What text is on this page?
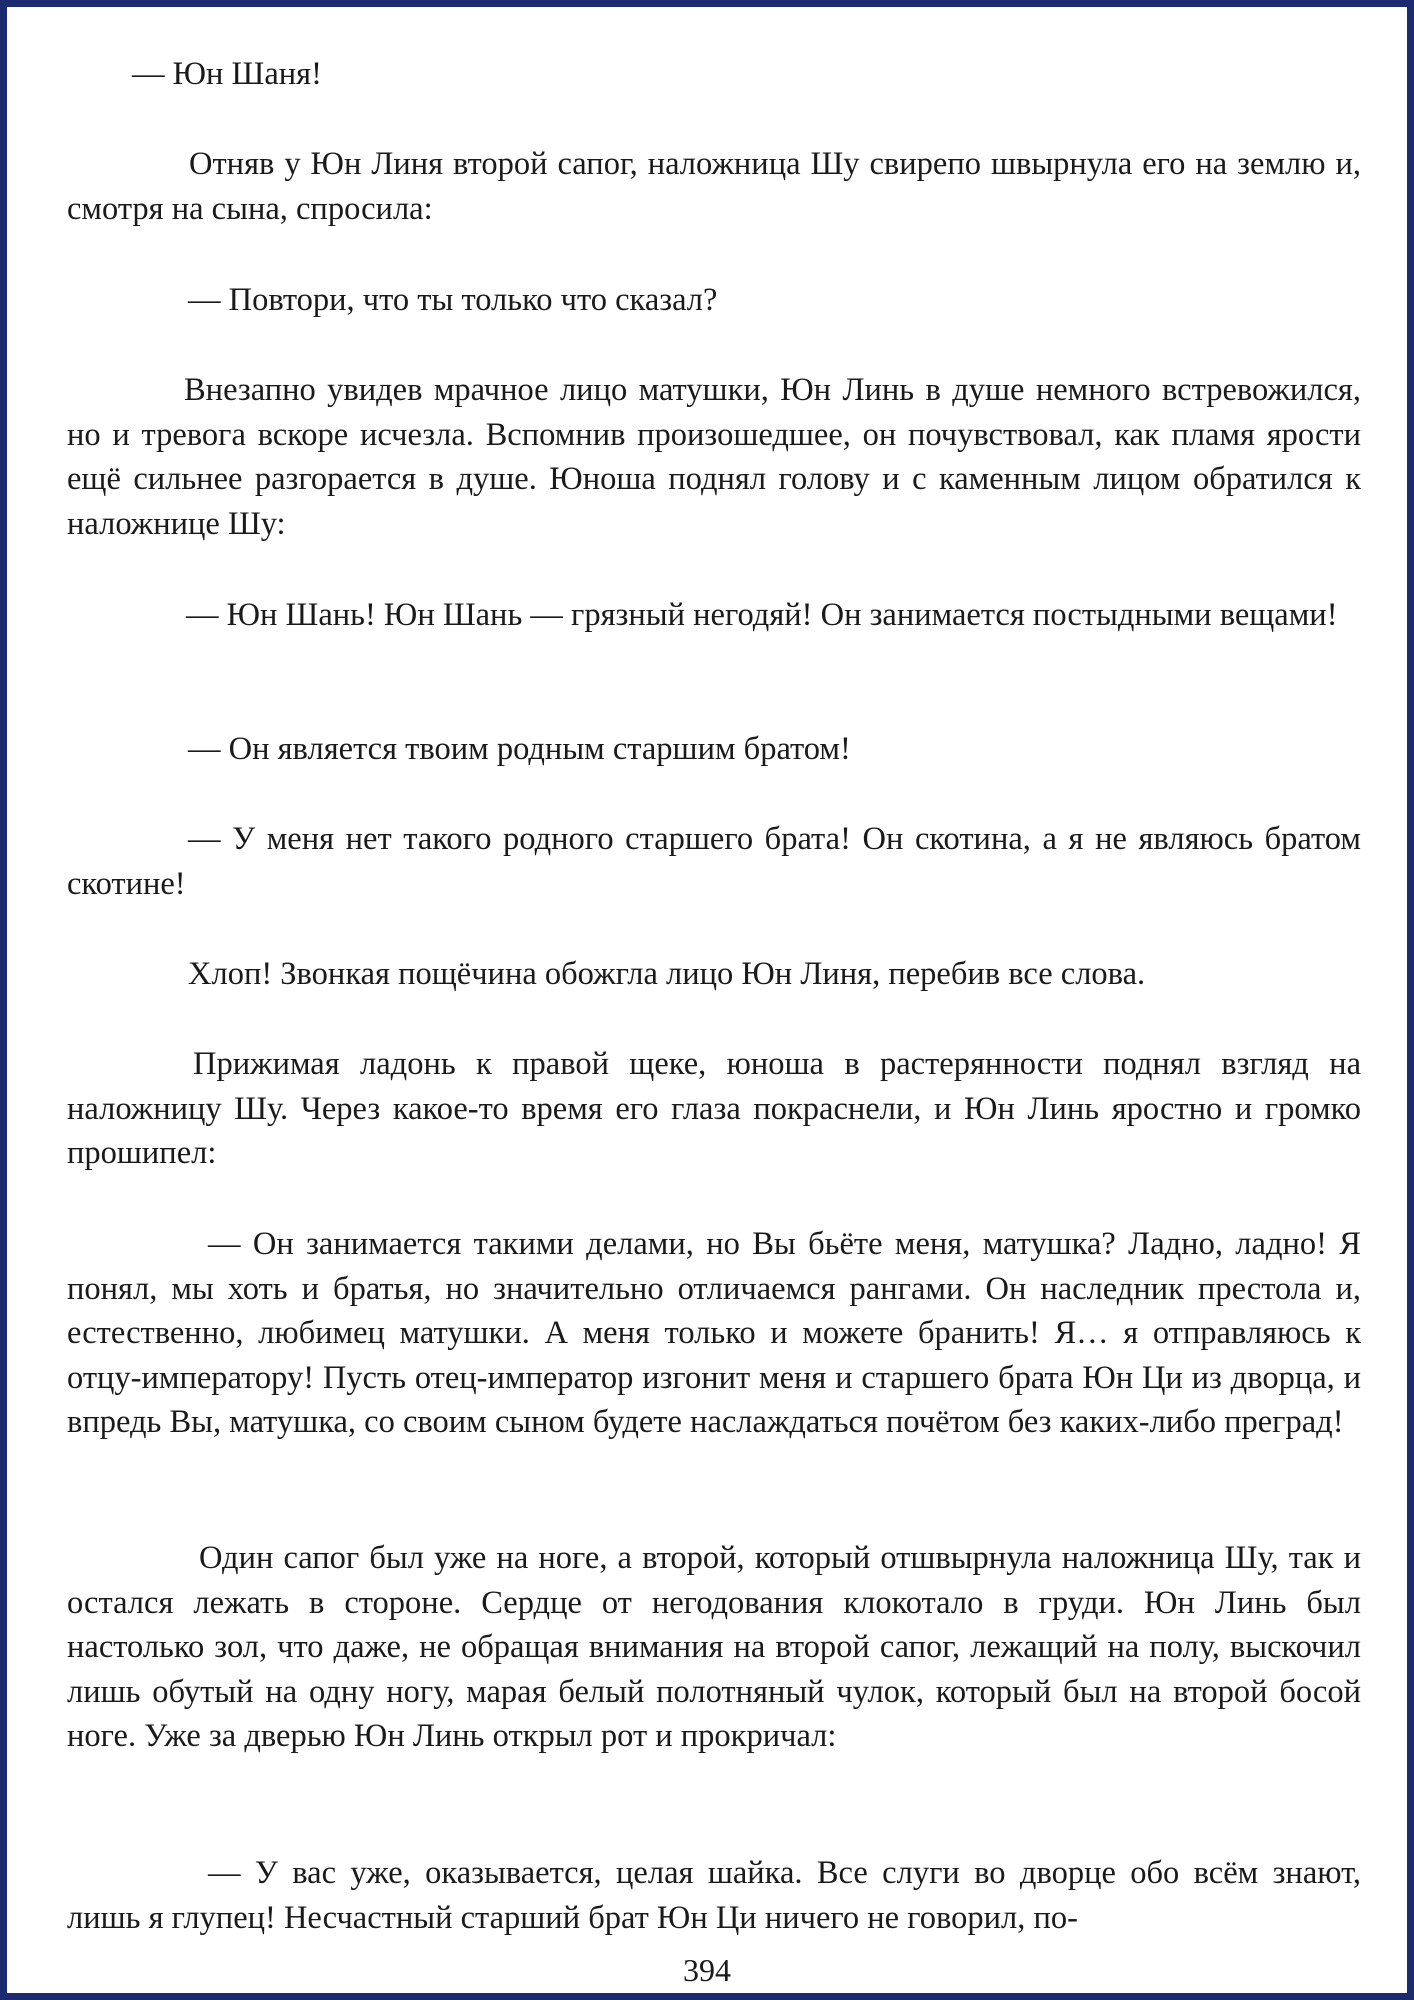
— Юн Шаня!

Отняв у Юн Линя второй сапог, наложница Шу свирепо швырнула его на землю и, смотря на сына, спросила:

— Повтори, что ты только что сказал?

Внезапно увидев мрачное лицо матушки, Юн Линь в душе немного встревожился, но и тревога вскоре исчезла. Вспомнив произошедшее, он почувствовал, как пламя ярости ещё сильнее разгорается в душе. Юноша поднял голову и с каменным лицом обратился к наложнице Шу:

— Юн Шань! Юн Шань — грязный негодяй! Он занимается постыдными вещами!

— Он является твоим родным старшим братом!

— У меня нет такого родного старшего брата! Он скотина, а я не являюсь братом скотине!

Хлоп! Звонкая пощёчина обожгла лицо Юн Линя, перебив все слова.

Прижимая ладонь к правой щеке, юноша в растерянности поднял взгляд на наложницу Шу. Через какое-то время его глаза покраснели, и Юн Линь яростно и громко прошипел:

— Он занимается такими делами, но Вы бьёте меня, матушка? Ладно, ладно! Я понял, мы хоть и братья, но значительно отличаемся рангами. Он наследник престола и, естественно, любимец матушки. А меня только и можете бранить! Я… я отправляюсь к отцу-императору! Пусть отец-император изгонит меня и старшего брата Юн Ци из дворца, и впредь Вы, матушка, со своим сыном будете наслаждаться почётом без каких-либо преград!

Один сапог был уже на ноге, а второй, который отшвырнула наложница Шу, так и остался лежать в стороне. Сердце от негодования клокотало в груди. Юн Линь был настолько зол, что даже, не обращая внимания на второй сапог, лежащий на полу, выскочил лишь обутый на одну ногу, марая белый полотняный чулок, который был на второй босой ноге. Уже за дверью Юн Линь открыл рот и прокричал:

— У вас уже, оказывается, целая шайка. Все слуги во дворце обо всём знают, лишь я глупец! Несчастный старший брат Юн Ци ничего не говорил, по-

394
